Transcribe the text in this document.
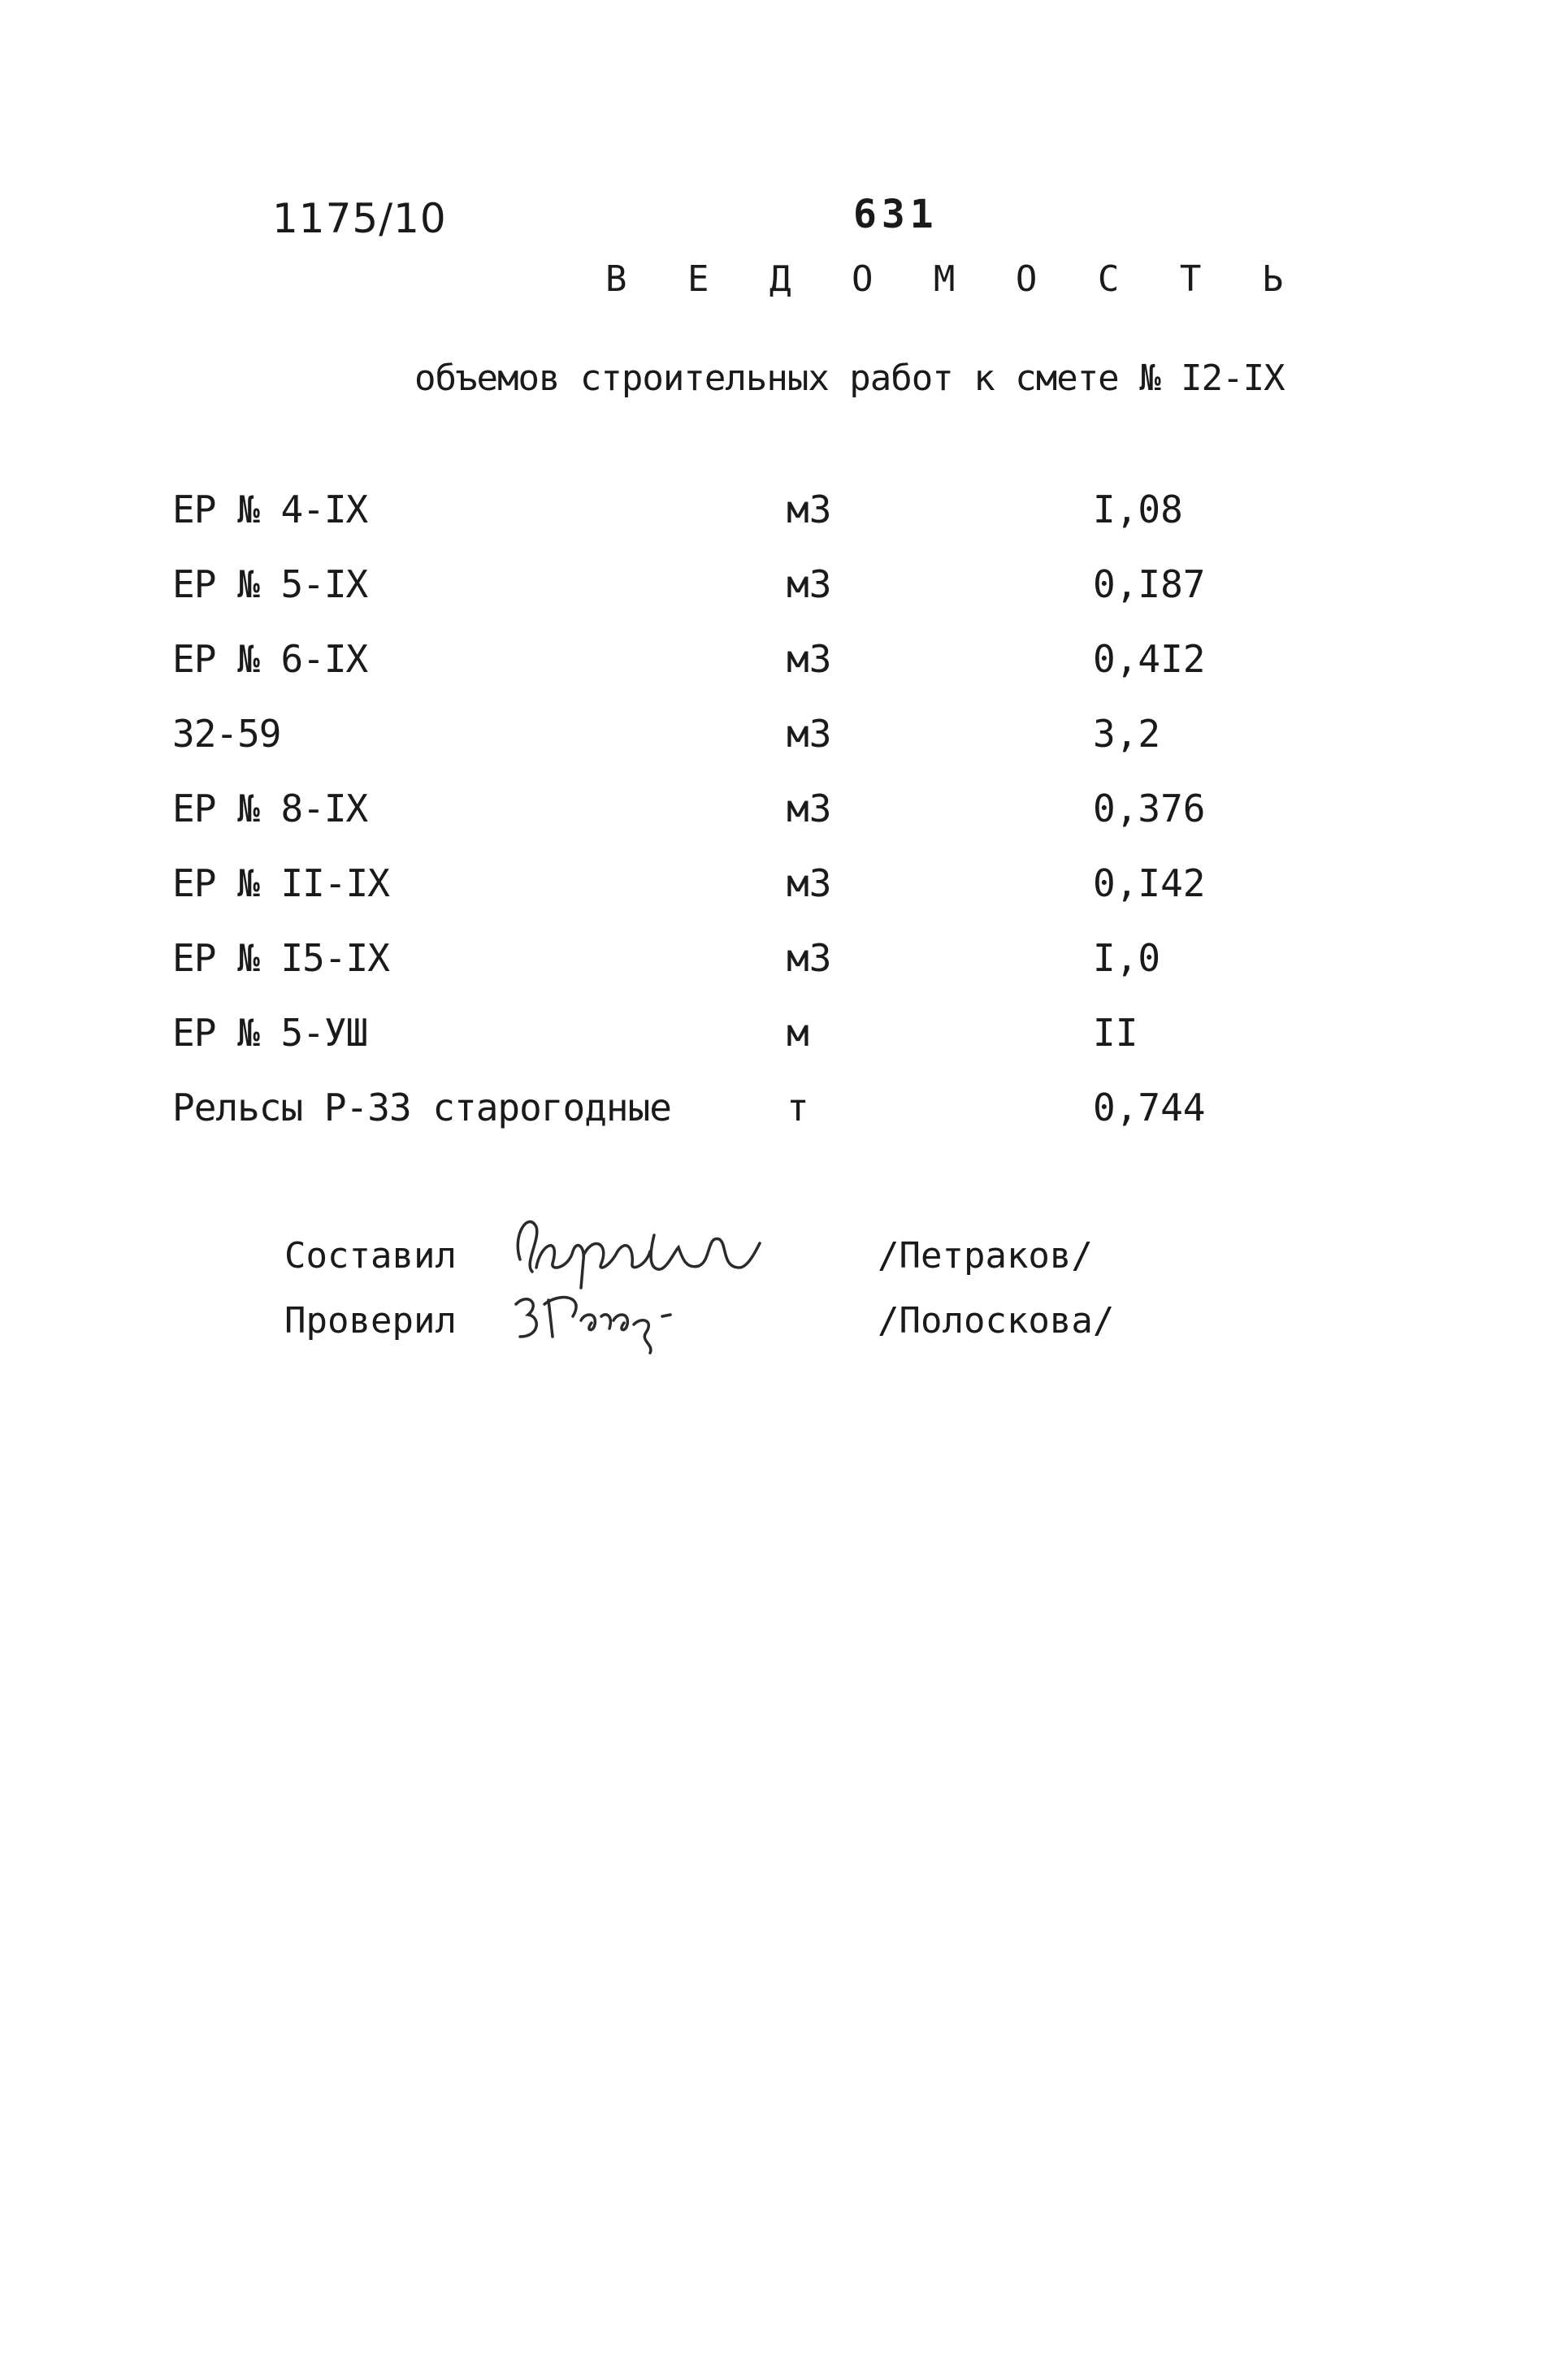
1175/10	631
В Е Д О М О С Т Ь
объемов строительных работ к смете № I2-IX
ЕР № 4-IX	м3	I,08
ЕР № 5-IX	м3	0,I87
ЕР № 6-IX	м3	0,4I2
32-59	м3	3,2
ЕР № 8-IX	м3	0,376
ЕР № II-IX	м3	0,I42
ЕР № I5-IX	м3	I,0
ЕР № 5-УШ	м	II
Рельсы Р-33 старогодные	т	0,744
Составил	/Петраков/
Проверил	/Полоскова/
